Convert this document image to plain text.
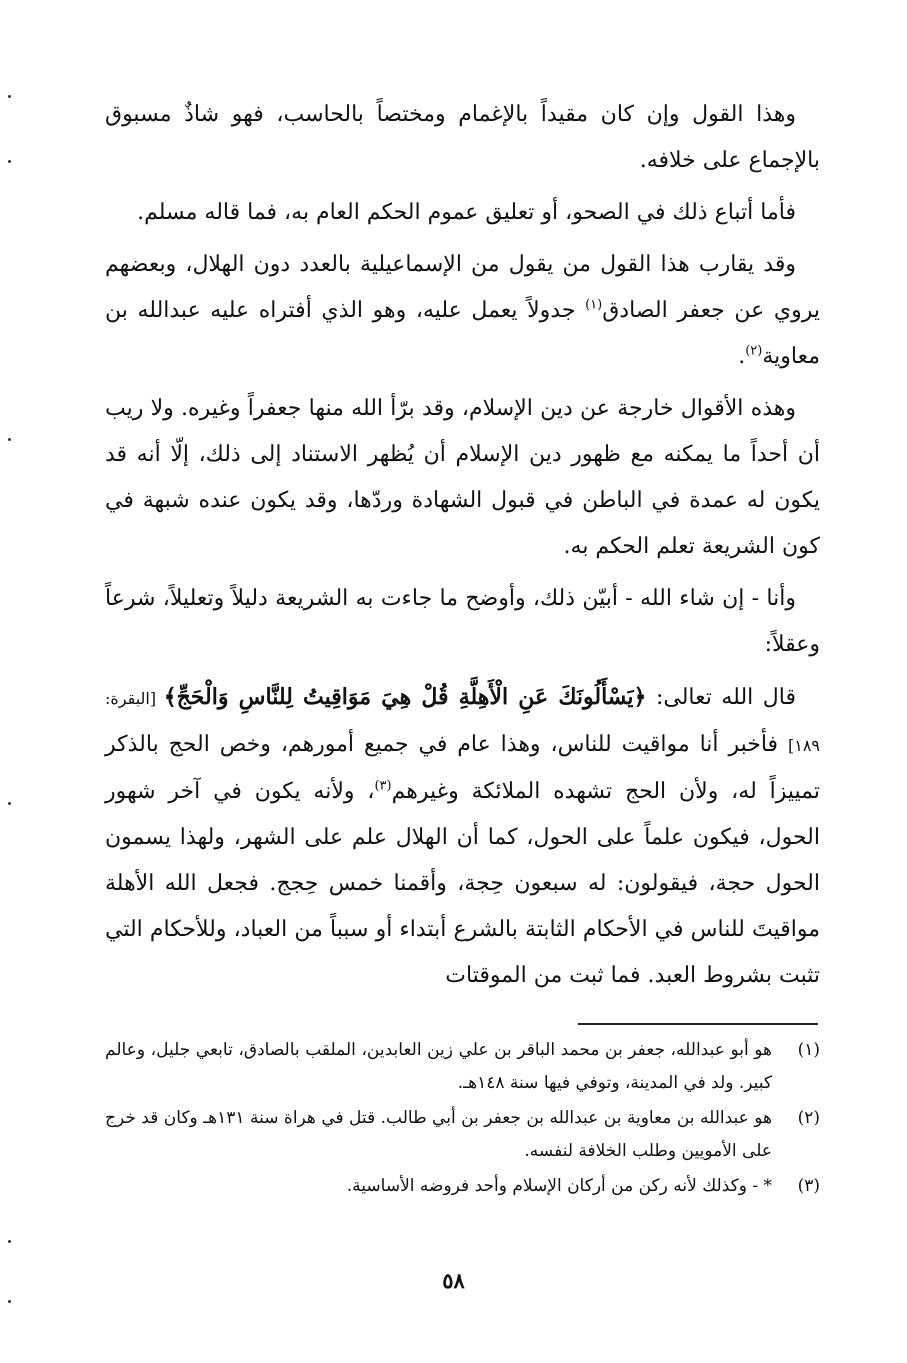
وهذا القول وإن كان مقيداً بالإغمام ومختصاً بالحاسب، فهو شاذٌ مسبوق بالإجماع على خلافه.

فأما أتباع ذلك في الصحو، أو تعليق عموم الحكم العام به، فما قاله مسلم.

وقد يقارب هذا القول من يقول من الإسماعيلية بالعدد دون الهلال، وبعضهم يروي عن جعفر الصادق$^{(١)}$ جدولاً يعمل عليه، وهو الذي أفتراه عليه عبدالله بن معاوية$^{(٢)}$.

وهذه الأقوال خارجة عن دين الإسلام، وقد برّأ الله منها جعفراً وغيره. ولا ريب أن أحداً ما يمكنه مع ظهور دين الإسلام أن يُظهر الاستناد إلى ذلك، إلّا أنه قد يكون له عمدة في الباطن في قبول الشهادة وردّها، وقد يكون عنده شبهة في كون الشريعة تعلم الحكم به.

وأنا - إن شاء الله - أبيّن ذلك، وأوضح ما جاءت به الشريعة دليلاً وتعليلاً، شرعاً وعقلاً:

قال الله تعالى: ﴿يَسْأَلُونَكَ عَنِ الْأَهِلَّةِ قُلْ هِيَ مَوَاقِيتُ لِلنَّاسِ وَالْحَجِّ﴾ [البقرة: ١٨٩] فأخبر أنا مواقيت للناس، وهذا عام في جميع أمورهم، وخص الحج بالذكر تمييزاً له، ولأن الحج تشهده الملائكة وغيرهم$^{(٣)}$، ولأنه يكون في آخر شهور الحول، فيكون علماً على الحول، كما أن الهلال علم على الشهر، ولهذا يسمون الحول حجة، فيقولون: له سبعون حِجة، وأقمنا خمس حِجج. فجعل الله الأهلة مواقيتَ للناس في الأحكام الثابتة بالشرع أبتداء أو سبباً من العباد، وللأحكام التي تثبت بشروط العبد. فما ثبت من الموقتات

(١)
هو أبو عبدالله، جعفر بن محمد الباقر بن علي زين العابدين، الملقب بالصادق، تابعي جليل، وعالم كبير. ولد في المدينة، وتوفي فيها سنة ١٤٨هـ.
(٢)
هو عبدالله بن معاوية بن عبدالله بن جعفر بن أبي طالب. قتل في هراة سنة ١٣١هـ وكان قد خرج على الأمويين وطلب الخلافة لنفسه.
(٣)
* - وكذلك لأنه ركن من أركان الإسلام وأحد فروضه الأساسية.
٥٨
